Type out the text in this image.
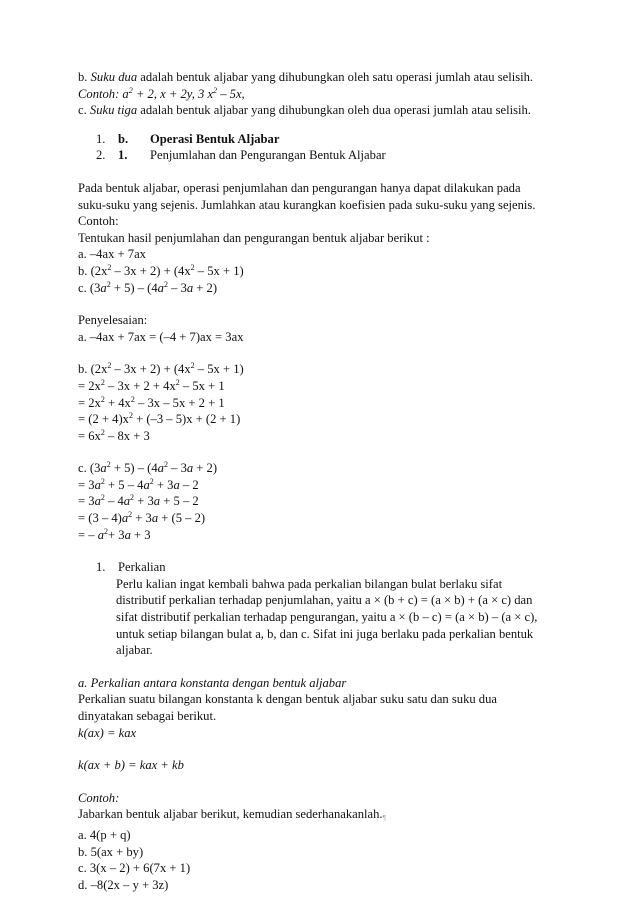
b. Suku dua adalah bentuk aljabar yang dihubungkan oleh satu operasi jumlah atau selisih.
Contoh: $a^2 + 2$, x + 2y, 3 $x^2 - 5x$,
c. Suku tiga adalah bentuk aljabar yang dihubungkan oleh dua operasi jumlah atau selisih.
1. b. Operasi Bentuk Aljabar
2. 1. Penjumlahan dan Pengurangan Bentuk Aljabar
Pada bentuk aljabar, operasi penjumlahan dan pengurangan hanya dapat dilakukan pada
suku-suku yang sejenis. Jumlahkan atau kurangkan koefisien pada suku-suku yang sejenis.
Contoh:
Tentukan hasil penjumlahan dan pengurangan bentuk aljabar berikut :
a. –4ax + 7ax
b. $(2x^2 - 3x + 2) + (4x^2 - 5x + 1)$
c. $(3a^2 + 5) - (4a^2 - 3a + 2)$
Penyelesaian:
a. –4ax + 7ax = (–4 + 7)ax = 3ax
b. $(2x^2 - 3x + 2) + (4x^2 - 5x + 1)$
= $2x^2 - 3x + 2 + 4x^2 - 5x + 1$
= $2x^2 + 4x^2 - 3x - 5x + 2 + 1$
= $(2 + 4)x^2 + (-3 - 5)x + (2 + 1)$
= $6x^2 - 8x + 3$
c. $(3a^2 + 5) - (4a^2 - 3a + 2)$
= $3a^2 + 5 - 4a^2 + 3a - 2$
= $3a^2 - 4a^2 + 3a + 5 - 2$
= $(3 - 4)a^2 + 3a + (5 - 2)$
= – $a^2+ 3a + 3$
1. Perkalian
Perlu kalian ingat kembali bahwa pada perkalian bilangan bulat berlaku sifat
distributif perkalian terhadap penjumlahan, yaitu a × (b + c) = (a × b) + (a × c) dan
sifat distributif perkalian terhadap pengurangan, yaitu a × (b – c) = (a × b) – (a × c),
untuk setiap bilangan bulat a, b, dan c. Sifat ini juga berlaku pada perkalian bentuk
aljabar.
a. Perkalian antara konstanta dengan bentuk aljabar
Perkalian suatu bilangan konstanta k dengan bentuk aljabar suku satu dan suku dua
dinyatakan sebagai berikut.
k(ax) = kax
k(ax + b) = kax + kb
Contoh:
Jabarkan bentuk aljabar berikut, kemudian sederhanakanlah.¶
a. 4(p + q)
b. 5(ax + by)
c. 3(x – 2) + 6(7x + 1)
d. –8(2x – y + 3z)
